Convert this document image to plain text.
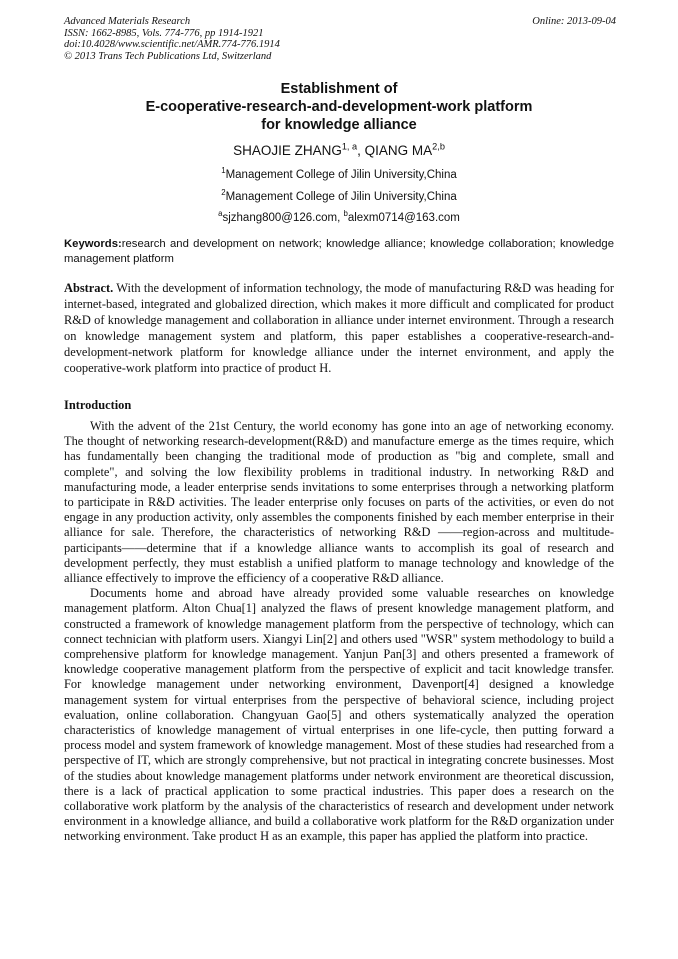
Advanced Materials Research
ISSN: 1662-8985, Vols. 774-776, pp 1914-1921
doi:10.4028/www.scientific.net/AMR.774-776.1914
© 2013 Trans Tech Publications Ltd, Switzerland
Online: 2013-09-04
Establishment of
E-cooperative-research-and-development-work platform
for knowledge alliance
SHAOJIE ZHANG$^{1, a}$, QIANG MA$^{2,b}$
$^1$Management College of Jilin University,China
$^2$Management College of Jilin University,China
$^a$sjzhang800@126.com, $^b$alexm0714@163.com
Keywords:research and development on network; knowledge alliance; knowledge collaboration; knowledge management platform
Abstract. With the development of information technology, the mode of manufacturing R&D was heading for internet-based, integrated and globalized direction, which makes it more difficult and complicated for product R&D of knowledge management and collaboration in alliance under internet environment. Through a research on knowledge management system and platform, this paper establishes a cooperative-research-and-development-network platform for knowledge alliance under the internet environment, and apply the cooperative-work platform into practice of product H.
Introduction

With the advent of the 21st Century, the world economy has gone into an age of networking economy. The thought of networking research-development(R&D) and manufacture emerge as the times require, which has fundamentally been changing the traditional mode of production as "big and complete, small and complete", and solving the low flexibility problems in traditional industry. In networking R&D and manufacturing mode, a leader enterprise sends invitations to some enterprises through a networking platform to participate in R&D activities. The leader enterprise only focuses on parts of the activities, or even do not engage in any production activity, only assembles the components finished by each member enterprise in their alliance for sale. Therefore, the characteristics of networking R&D ——region-across and multitude-participants——determine that if a knowledge alliance wants to accomplish its goal of research and development perfectly, they must establish a unified platform to manage technology and knowledge of the alliance effectively to improve the efficiency of a cooperative R&D alliance.

Documents home and abroad have already provided some valuable researches on knowledge management platform. Alton Chua[1] analyzed the flaws of present knowledge management platform, and constructed a framework of knowledge management platform from the perspective of technology, which can connect technician with platform users. Xiangyi Lin[2] and others used "WSR" system methodology to build a comprehensive platform for knowledge management. Yanjun Pan[3] and others presented a framework of knowledge cooperative management platform from the perspective of explicit and tacit knowledge transfer. For knowledge management under networking environment, Davenport[4] designed a knowledge management system for virtual enterprises from the perspective of behavioral science, including project evaluation, online collaboration. Changyuan Gao[5] and others systematically analyzed the operation characteristics of knowledge management of virtual enterprises in one life-cycle, then putting forward a process model and system framework of knowledge management. Most of these studies had researched from a perspective of IT, which are strongly comprehensive, but not practical in integrating concrete businesses. Most of the studies about knowledge management platforms under network environment are theoretical discussion, there is a lack of practical application to some practical industries. This paper does a research on the collaborative work platform by the analysis of the characteristics of research and development under network environment in a knowledge alliance, and build a collaborative work platform for the R&D organization under networking environment. Take product H as an example, this paper has applied the platform into practice.
